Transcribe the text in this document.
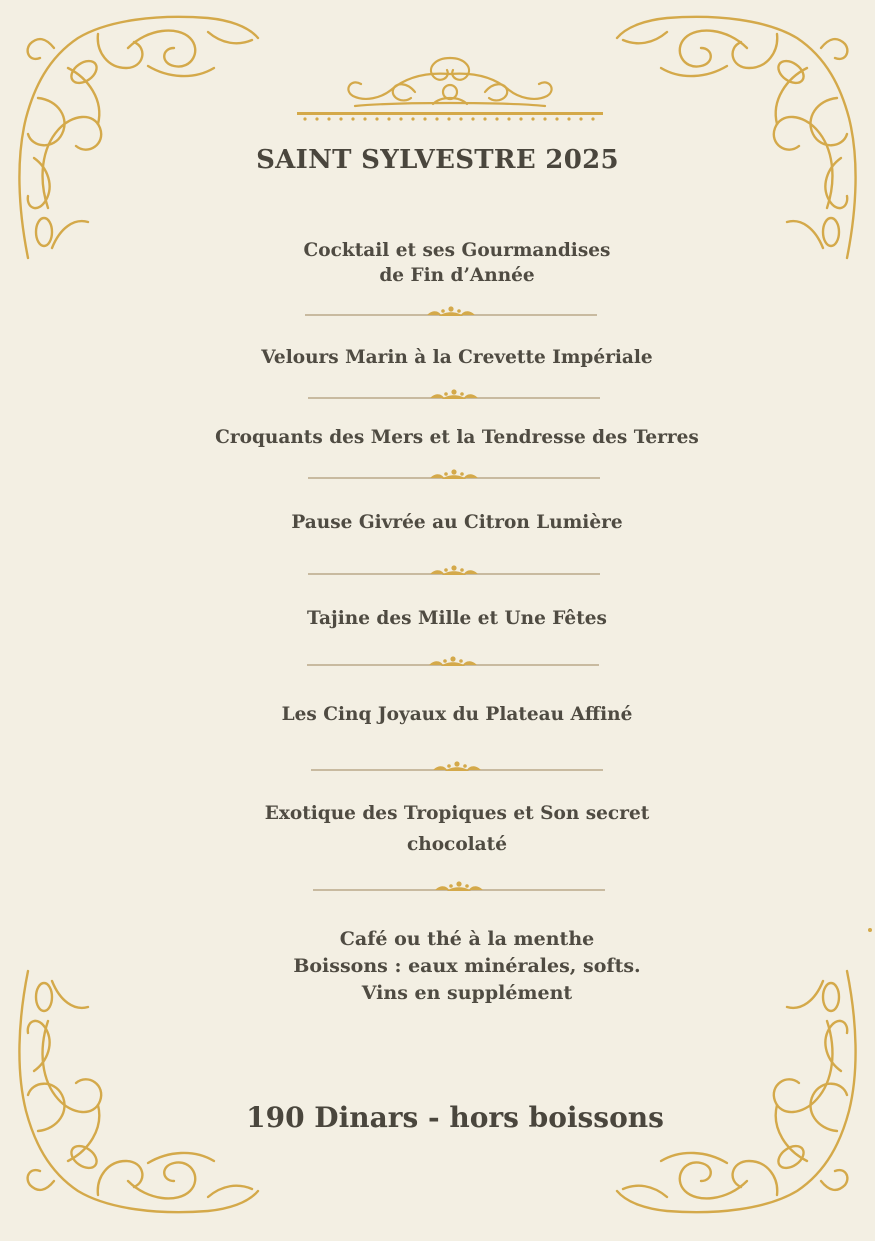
SAINT SYLVESTRE 2025
Cocktail et ses Gourmandises
de Fin d’Année
Velours Marin à la Crevette Impériale
Croquants des Mers et la Tendresse des Terres
Pause Givrée au Citron Lumière
Tajine des Mille et Une Fêtes
Les Cinq Joyaux du Plateau Affiné
Exotique des Tropiques et Son secret
chocolaté
Café ou thé à la menthe
Boissons : eaux minérales, softs.
Vins en supplément
190 Dinars - hors boissons
